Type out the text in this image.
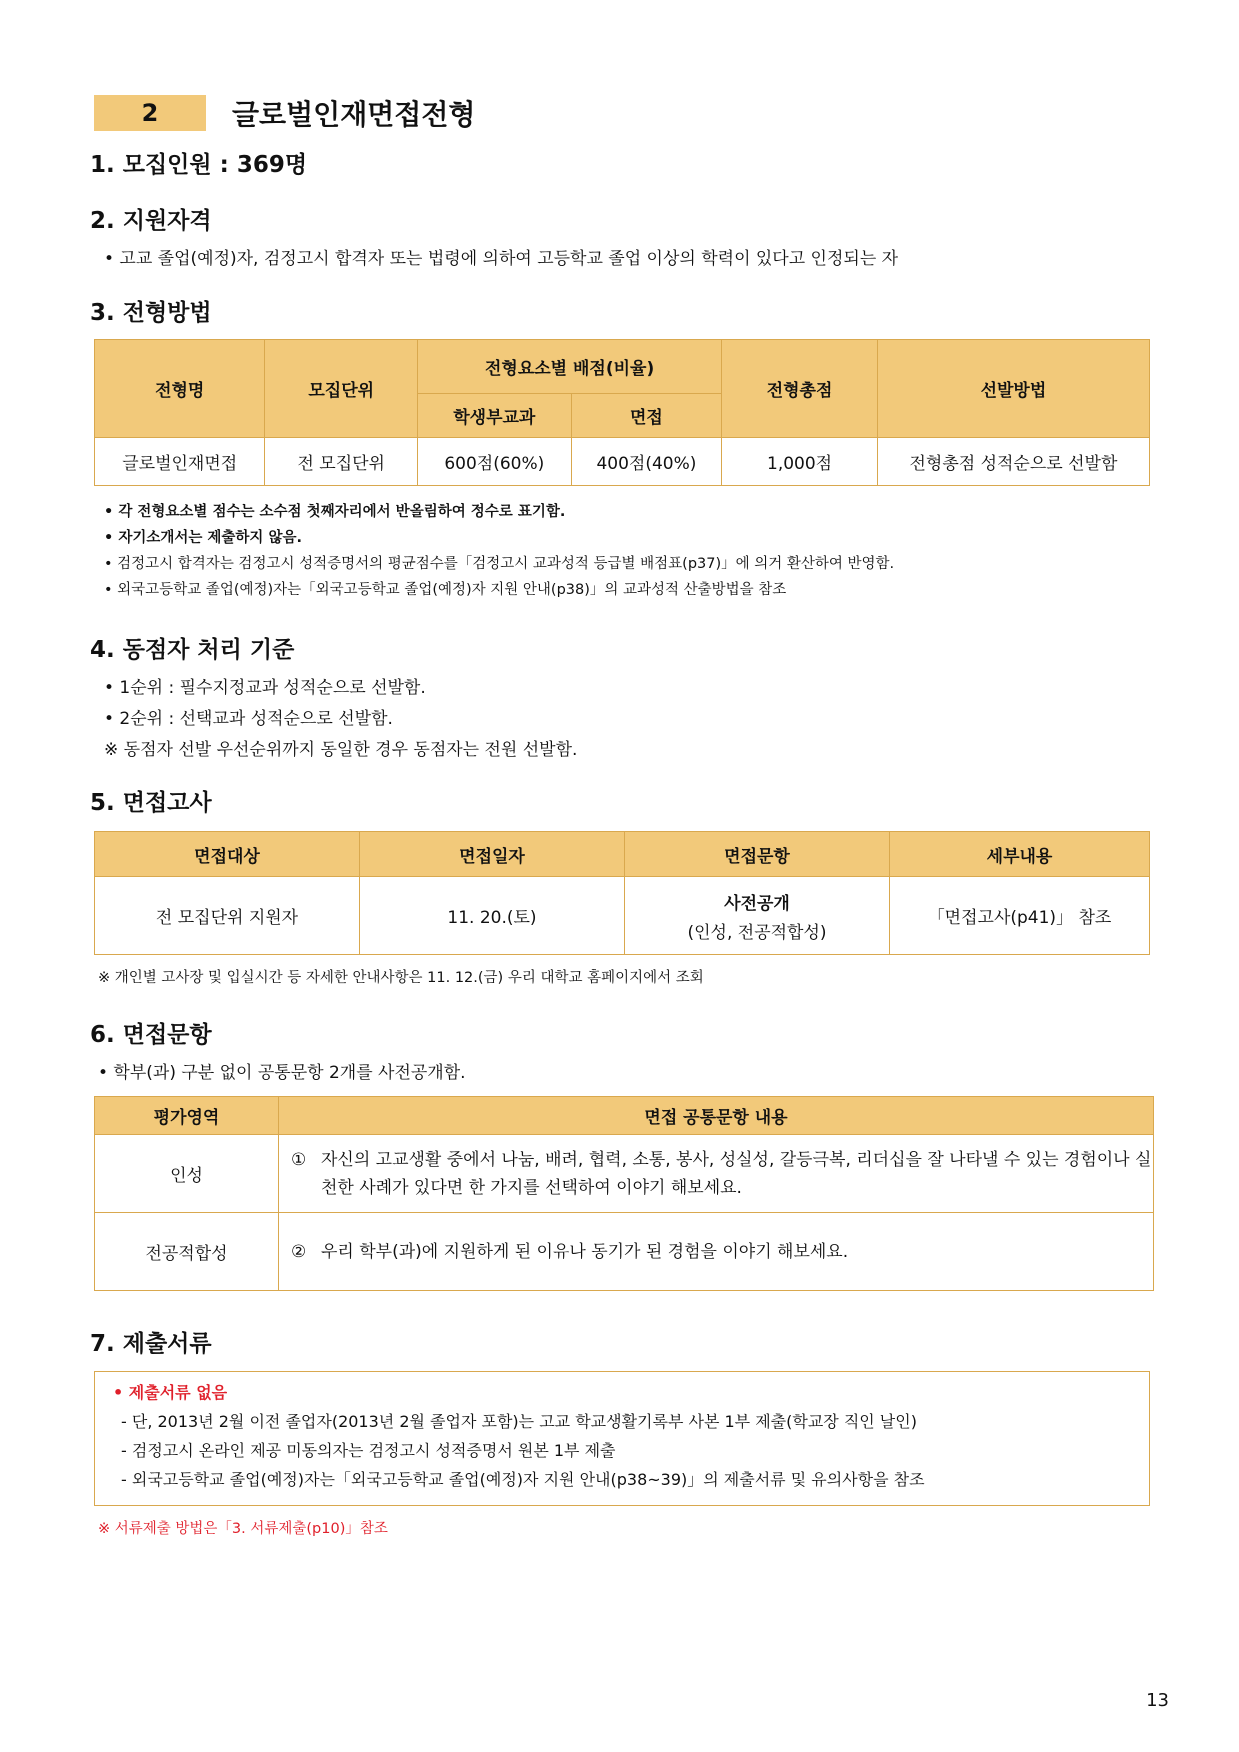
2	글로벌인재면접전형
1. 모집인원 : 369명
2. 지원자격
• 고교 졸업(예정)자, 검정고시 합격자 또는 법령에 의하여 고등학교 졸업 이상의 학력이 있다고 인정되는 자
3. 전형방법
전형명	모집단위	전형요소별 배점(비율)		전형총점	선발방법
		학생부교과	면접		
글로벌인재면접	전 모집단위	600점(60%)	400점(40%)	1,000점	전형총점 성적순으로 선발함
• 각 전형요소별 점수는 소수점 첫째자리에서 반올림하여 정수로 표기함.
• 자기소개서는 제출하지 않음.
• 검정고시 합격자는 검정고시 성적증명서의 평균점수를「검정고시 교과성적 등급별 배점표(p37)」에 의거 환산하여 반영함.
• 외국고등학교 졸업(예정)자는「외국고등학교 졸업(예정)자 지원 안내(p38)」의 교과성적 산출방법을 참조
4. 동점자 처리 기준
• 1순위 : 필수지정교과 성적순으로 선발함.
• 2순위 : 선택교과 성적순으로 선발함.
※ 동점자 선발 우선순위까지 동일한 경우 동점자는 전원 선발함.
5. 면접고사
면접대상	면접일자	면접문항	세부내용
전 모집단위 지원자	11. 20.(토)	사전공개
(인성, 전공적합성)	「면접고사(p41)」 참조
※ 개인별 고사장 및 입실시간 등 자세한 안내사항은 11. 12.(금) 우리 대학교 홈페이지에서 조회
6. 면접문항
• 학부(과) 구분 없이 공통문항 2개를 사전공개함.
평가영역	면접 공통문항 내용
인성	① 자신의 고교생활 중에서 나눔, 배려, 협력, 소통, 봉사, 성실성, 갈등극복, 리더십을 잘 나타낼 수 있는 경험이나 실천한 사례가 있다면 한 가지를 선택하여 이야기 해보세요.

전공적합성	② 우리 학부(과)에 지원하게 된 이유나 동기가 된 경험을 이야기 해보세요.
7. 제출서류
• 제출서류 없음
- 단, 2013년 2월 이전 졸업자(2013년 2월 졸업자 포함)는 고교 학교생활기록부 사본 1부 제출(학교장 직인 날인)
- 검정고시 온라인 제공 미동의자는 검정고시 성적증명서 원본 1부 제출
- 외국고등학교 졸업(예정)자는「외국고등학교 졸업(예정)자 지원 안내(p38~39)」의 제출서류 및 유의사항을 참조
※ 서류제출 방법은「3. 서류제출(p10)」참조
13
